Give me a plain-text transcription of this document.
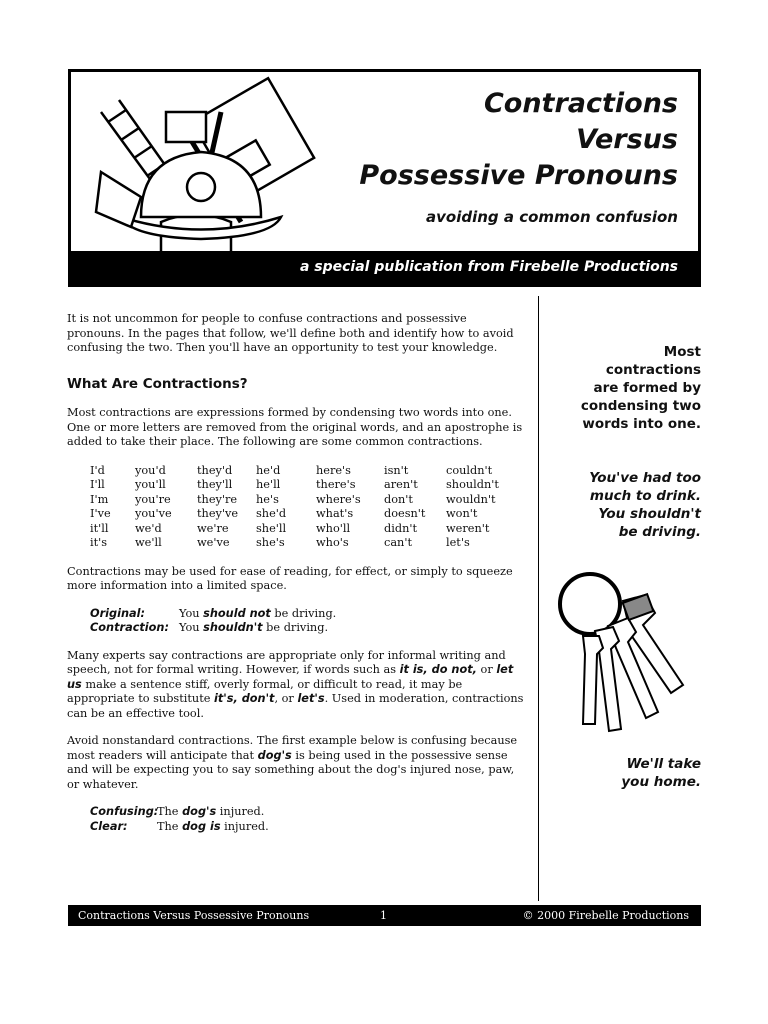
Contractions
Versus
Possessive Pronouns
avoiding a common confusion
a special publication from Firebelle Productions

It is not uncommon for people to confuse contractions and possessive pronouns. In the pages that follow, we'll define both and identify how to avoid confusing the two. Then you'll have an opportunity to test your knowledge.

What Are Contractions?

Most contractions are expressions formed by condensing two words into one. One or more letters are removed from the original words, and an apostrophe is added to take their place. The following are some common contractions.

I'd	you'd	they'd	he'd	here's	isn't	couldn't
I'll	you'll	they'll	he'll	there's	aren't	shouldn't
I'm	you're	they're	he's	where's	don't	wouldn't
I've	you've	they've	she'd	what's	doesn't	won't
it'll	we'd	we're	she'll	who'll	didn't	weren't
it's	we'll	we've	she's	who's	can't	let's

Contractions may be used for ease of reading, for effect, or simply to squeeze more information into a limited space.

Original:	You should not be driving.
Contraction: You shouldn't be driving.

Many experts say contractions are appropriate only for informal writing and speech, not for formal writing. However, if words such as it is, do not, or let us make a sentence stiff, overly formal, or difficult to read, it may be appropriate to substitute it's, don't, or let's. Used in moderation, contractions can be an effective tool.

Avoid nonstandard contractions. The first example below is confusing because most readers will anticipate that dog's is being used in the possessive sense and will be expecting you to say something about the dog's injured nose, paw, or whatever.

Confusing:The dog's injured.
Clear:	The dog is injured.
Most
contractions
are formed by
condensing two
words into one.
You've had too
much to drink.
You shouldn't
be driving.
We'll take
you home.
Contractions Versus Possessive Pronouns	1	© 2000 Firebelle Productions
